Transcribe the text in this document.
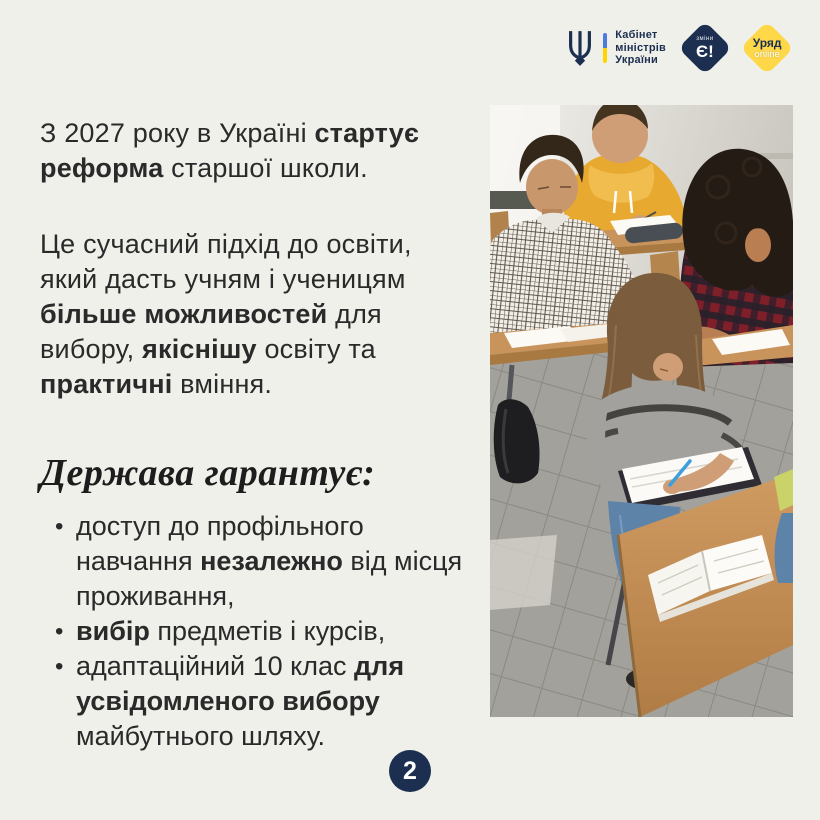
Кабінет
міністрів
України
зміни
Є!	Уряд
online

З 2027 року в Україні стартує реформа старшої школи.

Це сучасний підхід до освіти, який дасть учням і ученицям більше можливостей для вибору, якіснішу освіту та практичні вміння.

Держава гарантує:
• доступ до профільного навчання незалежно від місця проживання,
• вибір предметів і курсів,
• адаптаційний 10 клас для усвідомленого вибору майбутнього шляху.
2
